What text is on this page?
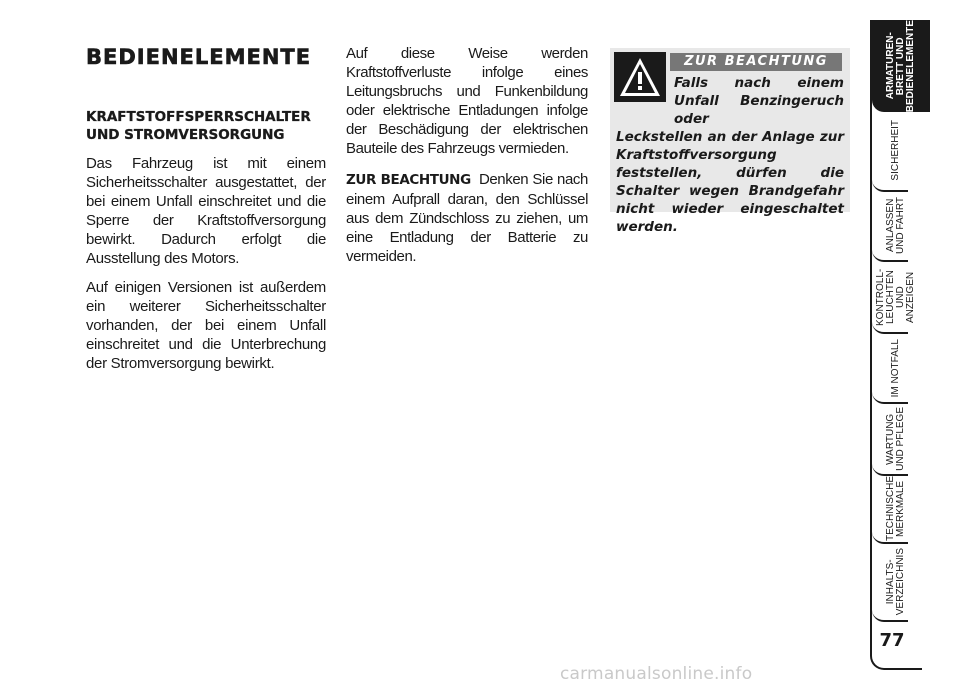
BEDIENELEMENTE
KRAFTSTOFFSPERRSCHALTER UND STROMVERSORGUNG

Das Fahrzeug ist mit einem Sicherheitsschalter ausgestattet, der bei einem Unfall einschreitet und die Sperre der Kraftstoffversorgung bewirkt. Dadurch erfolgt die Ausstellung des Motors.

Auf einigen Versionen ist außerdem ein weiterer Sicherheitsschalter vorhanden, der bei einem Unfall einschreitet und die Unterbrechung der Stromversorgung bewirkt.

Auf diese Weise werden Kraftstoffverluste infolge eines Leitungsbruchs und Funkenbildung oder elektrische Entladungen infolge der Beschädigung der elektrischen Bauteile des Fahrzeugs vermieden.

ZUR BEACHTUNG Denken Sie nach einem Aufprall daran, den Schlüssel aus dem Zündschloss zu ziehen, um eine Entladung der Batterie zu vermeiden.

ZUR BEACHTUNG
Falls nach einem Unfall Benzingeruch oder
Leckstellen an der Anlage zur Kraftstoffversorgung feststellen, dürfen die Schalter wegen Brandgefahr nicht wieder eingeschaltet werden.
ARMATUREN-
BRETT UND
BEDIENELEMENTE
SICHERHEIT
ANLASSEN
UND FAHRT
KONTROLL-
LEUCHTEN
UND ANZEIGEN
IM NOTFALL
WARTUNG
UND PFLEGE
TECHNISCHE
MERKMALE
INHALTS-
VERZEICHNIS
77
carmanualsonline.info
